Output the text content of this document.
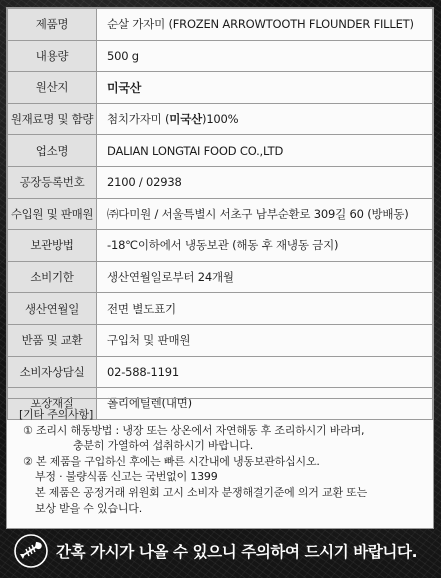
제품명	순살 가자미 (FROZEN ARROWTOOTH FLOUNDER FILLET)
내용량	500 g
원산지	미국산
원재료명 및 함량	첨치가자미 (미국산)100%
업소명	DALIAN LONGTAI FOOD CO.,LTD
공장등록번호	2100 / 02938
수입원 및 판매원	㈜다미원 / 서울특별시 서초구 남부순환로 309길 60 (방배동)
보관방법	-18℃이하에서 냉동보관 (해동 후 재냉동 금지)
소비기한	생산연월일로부터 24개월
생산연월일	전면 별도표기
반품 및 교환	구입처 및 판매원
소비자상담실	02-588-1191
포장재질	폴리에틸렌(내면)
[기타 주의사항]
① 조리시 해동방법 : 냉장 또는 상온에서 자연해동 후 조리하시기 바라며,
충분히 가열하여 섭취하시기 바랍니다.
② 본 제품을 구입하신 후에는 빠른 시간내에 냉동보관하십시오.
부정 · 불량식품 신고는 국번없이 1399
본 제품은 공정거래 위원회 고시 소비자 분쟁해결기준에 의거 교환 또는
보상 받을 수 있습니다.
간혹 가시가 나올 수 있으니 주의하여 드시기 바랍니다.
